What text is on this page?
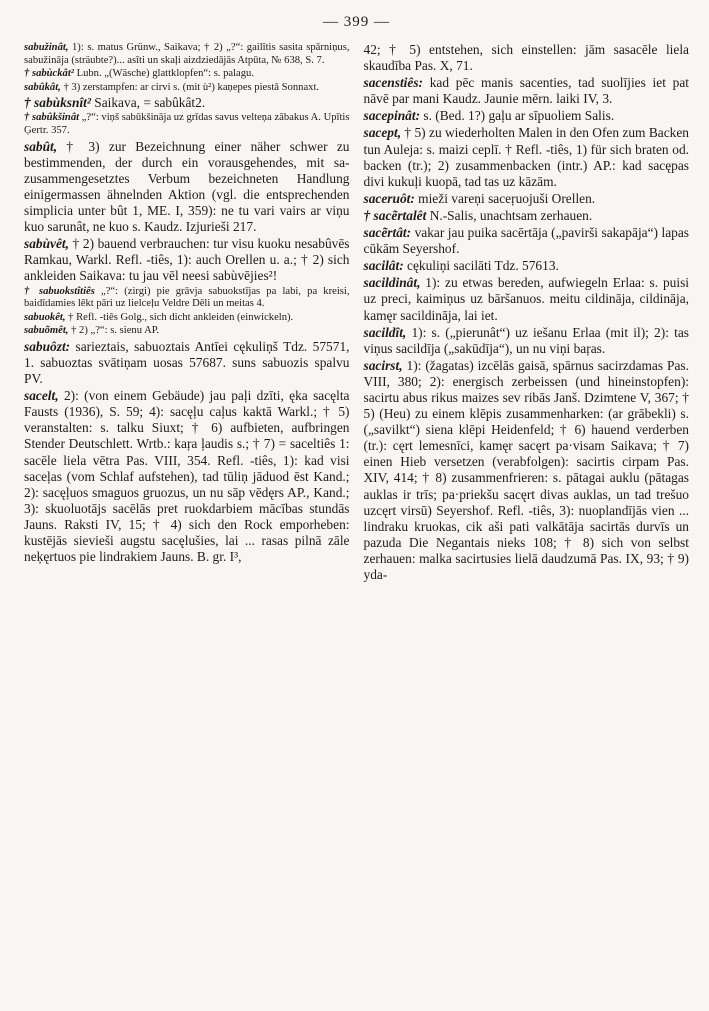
— 399 —

sabužinât, 1): s. matus Grünw., Saikava; † 2) „?“: gailītis sasita spārniņus, sabužināja (sträubte?)... asīti un skaļi aizdziedājās Atpūta, № 638, S. 7.

† sabùckât² Lubn. „(Wäsche) glattklopfen“: s. palagu.

sabûkât, † 3) zerstampfen: ar cirvi s. (mit ù²) kaņepes piestā Sonnaxt.

† sabùksnît² Saikava, = sabûkât2.

† sabûkšinât „?“: viņš sabūkšināja uz grīdas savus velteņa zābakus A. Upītis Ģertr. 357.

sabût, † 3) zur Bezeichnung einer näher schwer zu bestimmenden, der durch ein vorausgehendes, mit sa- zusammengesetztes Verbum bezeichneten Handlung einigermassen ähnelnden Aktion (vgl. die entsprechenden simplicia unter bût 1, ME. I, 359): ne tu vari vairs ar viņu kuo sarunât, ne kuo s. Kaudz. Izjurieši 217.

sabùvêt, † 2) bauend verbrauchen: tur visu kuoku nesabûvēs Ramkau, Warkl. Refl. -tiês, 1): auch Orellen u. a.; † 2) sich ankleiden Saikava: tu jau vēl neesi sabùvējies²!

† sabuokstîtiês „?“: (zirgi) pie grāvja sabuokstījas pa labi, pa kreisi, baidīdamies lēkt pāri uz lielceļu Veldre Dēli un meitas 4.

sabuokêt, † Refl. -tiês Golg., sich dicht ankleiden (einwickeln).

sabuõmêt, † 2) „?“: s. sienu AP.

sabuôzt: sarieztais, sabuoztais Antīei cękuliņš Tdz. 57571, 1. sabuoztas svātiņam uosas 57687. suns sabuozis spalvu PV.

sacelt, 2): (von einem Gebäude) jau paļi dzīti, ęka sacęlta Fausts (1936), S. 59; 4): sacęļu caļus kaktā Warkl.; † 5) veranstalten: s. talku Siuxt; † 6) aufbieten, aufbringen Stender Deutschlett. Wrtb.: kaŗa ļaudis s.; † 7) = saceltiês 1: sacēle liela vētra Pas. VIII, 354. Refl. -tiês, 1): kad visi saceļas (vom Schlaf aufstehen), tad tūliņ jāduod ēst Kand.; 2): sacęļuos smaguos gruozus, un nu sāp vēdęrs AP., Kand.; 3): skuoluotājs sacēlās pret ruokdarbiem mācības stundās Jauns. Raksti IV, 15; † 4) sich den Rock emporheben: kustējās sievieši augstu sacęlušies, lai ... rasas pilnā zāle neķęrtuos pie lindrakiem Jauns. B. gr. I³,

42; † 5) entstehen, sich einstellen: jām sasacēle liela skaudība Pas. X, 71.

sacenstiês: kad pēc manis sacenties, tad suolījies iet pat nāvē par mani Kaudz. Jaunie mērn. laiki IV, 3.

sacepinât: s. (Bed. 1?) gaļu ar sīpuoliem Salis.

sacept, † 5) zu wiederholten Malen in den Ofen zum Backen tun Auleja: s. maizi ceplī. † Refl. -tiês, 1) für sich braten od. backen (tr.); 2) zusammenbacken (intr.) AP.: kad sacępas divi kukuļi kuopā, tad tas uz kāzām.

saceruôt: mieži vareņi saceŗuojuši Orellen.

† sacẽrtalêt N.-Salis, unachtsam zerhauen.

sacẽrtât: vakar jau puika sacērtāja („pavirši sakapāja“) lapas cūkām Seyershof.

sacilât: cękuliņi sacilāti Tdz. 57613.

sacildinât, 1): zu etwas bereden, aufwiegeln Erlaa: s. puisi uz preci, kaimiņus uz bāršanuos. meitu cildināja, cildināja, kamęr sacildināja, lai iet.

sacildît, 1): s. („pierunât“) uz iešanu Erlaa (mit il); 2): tas viņus sacildīja („sakūdīja“), un nu viņi baŗas.

sacirst, 1): (žagatas) izcēlās gaisā, spārnus sacirzdamas Pas. VIII, 380; 2): energisch zerbeissen (und hineinstopfen): sacirtu abus rikus maizes sev ribās Janš. Dzimtene V, 367; † 5) (Heu) zu einem klēpis zusammenharken: (ar grābekli) s. („savilkt“) siena klēpi Heidenfeld; † 6) hauend verderben (tr.): cęrt lemesnīci, kamęr sacęrt pa·visam Saikava; † 7) einen Hieb versetzen (verabfolgen): sacirtis cirpam Pas. XIV, 414; † 8) zusammenfrieren: s. pātagai auklu (pātagas auklas ir trīs; pa·priekšu sacęrt divas auklas, un tad trešuo uzcęrt virsū) Seyershof. Refl. -tiês, 3): nuoplandījās vien ... lindraku kruokas, cik aši pati valkātāja sacirtās durvīs un pazuda Die Negantais nieks 108; † 8) sich von selbst zerhauen: malka sacirtusies lielā daudzumā Pas. IX, 93; † 9) yda-
